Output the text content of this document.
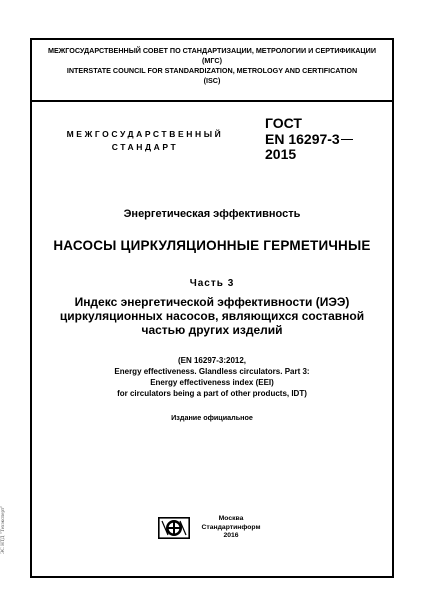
МЕЖГОСУДАРСТВЕННЫЙ СОВЕТ ПО СТАНДАРТИЗАЦИИ, МЕТРОЛОГИИ И СЕРТИФИКАЦИИ
(МГС)
INTERSTATE COUNCIL FOR STANDARDIZATION, METROLOGY AND CERTIFICATION
(ISC)
МЕЖГОСУДАРСТВЕННЫЙ
СТАНДАРТ
ГОСТ
EN 16297-3
2015
Энергетическая эффективность
НАСОСЫ ЦИРКУЛЯЦИОННЫЕ ГЕРМЕТИЧНЫЕ
Часть 3
Индекс энергетической эффективности (ИЭЭ)
циркуляционных насосов, являющихся составной
частью других изделий
(EN 16297-3:2012,
Energy effectiveness. Glandless circulators. Part 3:
Energy effectiveness index (EEI)
for circulators being a part of other products, IDT)
Издание официальное
Москва
Стандартинформ
2016
ЭС НТД "Техэксперт"
